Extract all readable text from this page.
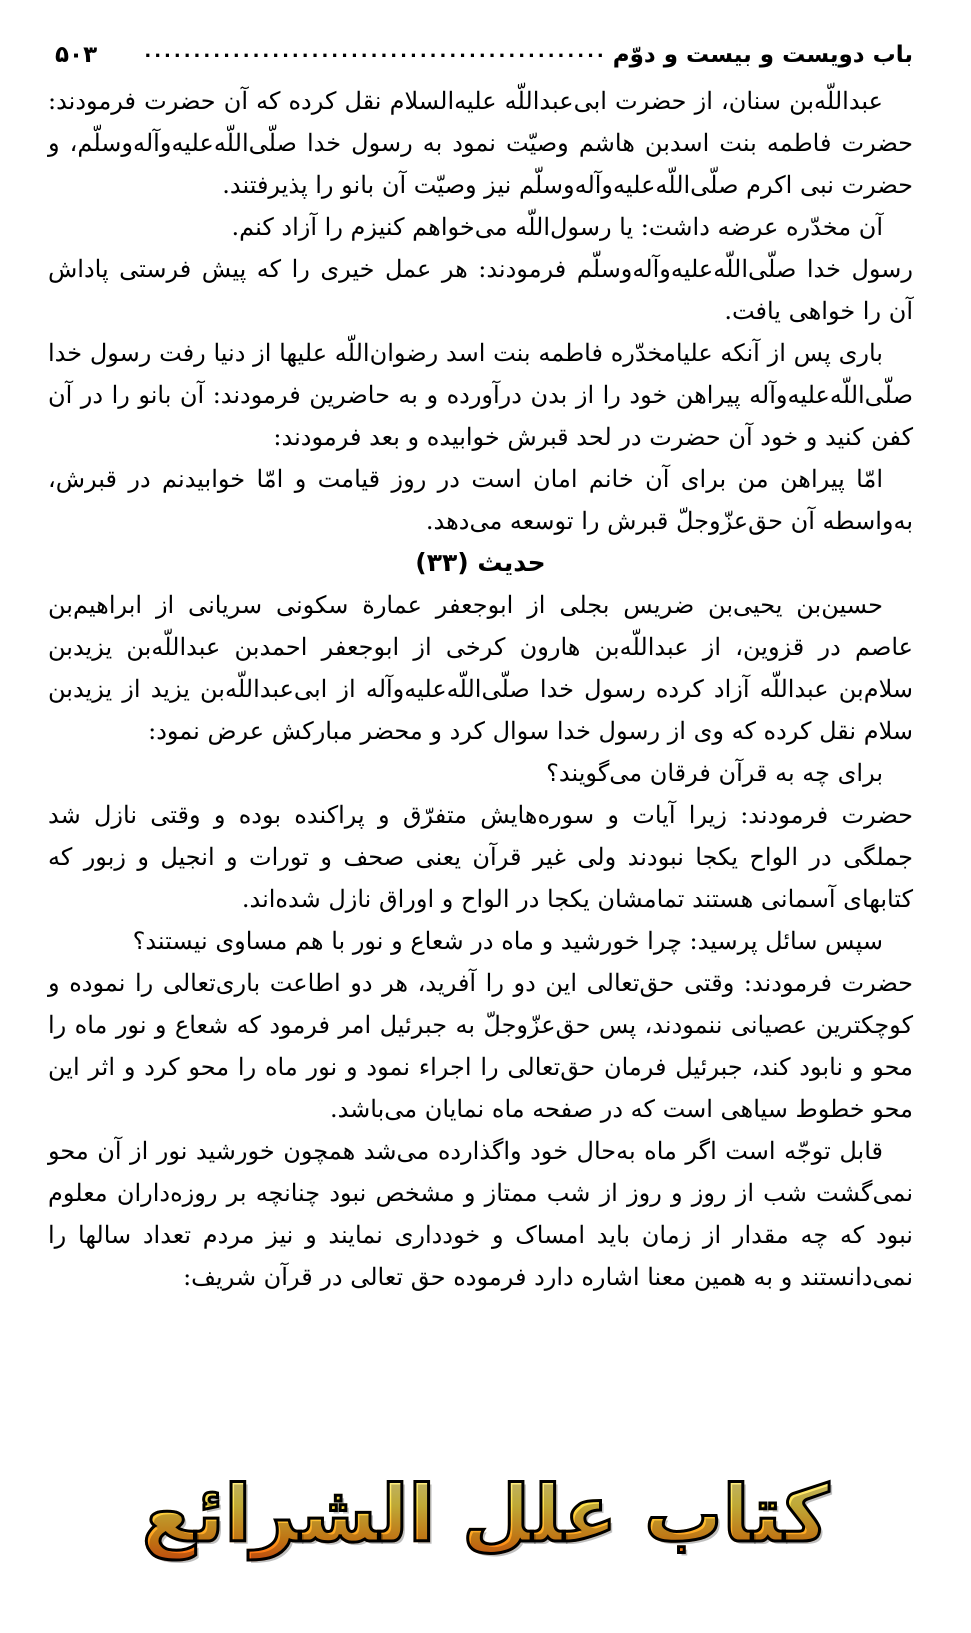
باب دویست و بیست و دوّم
...............................................
۵۰۳

عبداللّه‌بن سنان، از حضرت ابی‌عبداللّه علیه‌السلام نقل کرده که آن حضرت فرمودند: حضرت فاطمه بنت اسدبن هاشم وصیّت نمود به رسول خدا صلّی‌اللّه‌علیه‌وآله‌وسلّم، و حضرت نبی اکرم صلّی‌اللّه‌علیه‌وآله‌وسلّم نیز وصیّت آن بانو را پذیرفتند.

آن مخدّره عرضه داشت: یا رسول‌اللّه می‌خواهم کنیزم را آزاد کنم.

رسول خدا صلّی‌اللّه‌علیه‌وآله‌وسلّم فرمودند: هر عمل خیری را که پیش فرستی پاداش آن را خواهی یافت.

باری پس از آنکه علیامخدّره فاطمه بنت اسد رضوان‌اللّه علیها از دنیا رفت رسول خدا صلّی‌اللّه‌علیه‌وآله پیراهن خود را از بدن درآورده و به حاضرین فرمودند: آن بانو را در آن کفن کنید و خود آن حضرت در لحد قبرش خوابیده و بعد فرمودند:

امّا پیراهن من برای آن خانم امان است در روز قیامت و امّا خوابیدنم در قبرش، به‌واسطه آن حق‌عزّوجلّ قبرش را توسعه می‌دهد.

حدیث (۳۳)

حسین‌بن یحیی‌بن ضریس بجلی از ابوجعفر عمارة سکونی سریانی از ابراهیم‌بن عاصم در قزوین، از عبداللّه‌بن هارون کرخی از ابوجعفر احمدبن عبداللّه‌بن یزیدبن سلام‌بن عبداللّه آزاد کرده رسول خدا صلّی‌اللّه‌علیه‌وآله از ابی‌عبداللّه‌بن یزید از یزیدبن سلام نقل کرده که وی از رسول خدا سوال کرد و محضر مبارکش عرض نمود:

برای چه به قرآن فرقان می‌گویند؟

حضرت فرمودند: زیرا آیات و سوره‌هایش متفرّق و پراکنده بوده و وقتی نازل شد جملگی در الواح یکجا نبودند ولی غیر قرآن یعنی صحف و تورات و انجیل و زبور که کتابهای آسمانی هستند تمامشان یکجا در الواح و اوراق نازل شده‌اند.

سپس سائل پرسید: چرا خورشید و ماه در شعاع و نور با هم مساوی نیستند؟

حضرت فرمودند: وقتی حق‌تعالی این دو را آفرید، هر دو اطاعت باری‌تعالی را نموده و کوچکترین عصیانی ننمودند، پس حق‌عزّوجلّ به جبرئیل امر فرمود که شعاع و نور ماه را محو و نابود کند، جبرئیل فرمان حق‌تعالی را اجراء نمود و نور ماه را محو کرد و اثر این محو خطوط سیاهی است که در صفحه ماه نمایان می‌باشد.

قابل توجّه است اگر ماه به‌حال خود واگذارده می‌شد همچون خورشید نور از آن محو نمی‌گشت شب از روز و روز از شب ممتاز و مشخص نبود چنانچه بر روزه‌داران معلوم نبود که چه مقدار از زمان باید امساک و خودداری نمایند و نیز مردم تعداد سالها را نمی‌دانستند و به همین معنا اشاره دارد فرموده حق تعالی در قرآن شریف:

کتاب علل الشرائع
